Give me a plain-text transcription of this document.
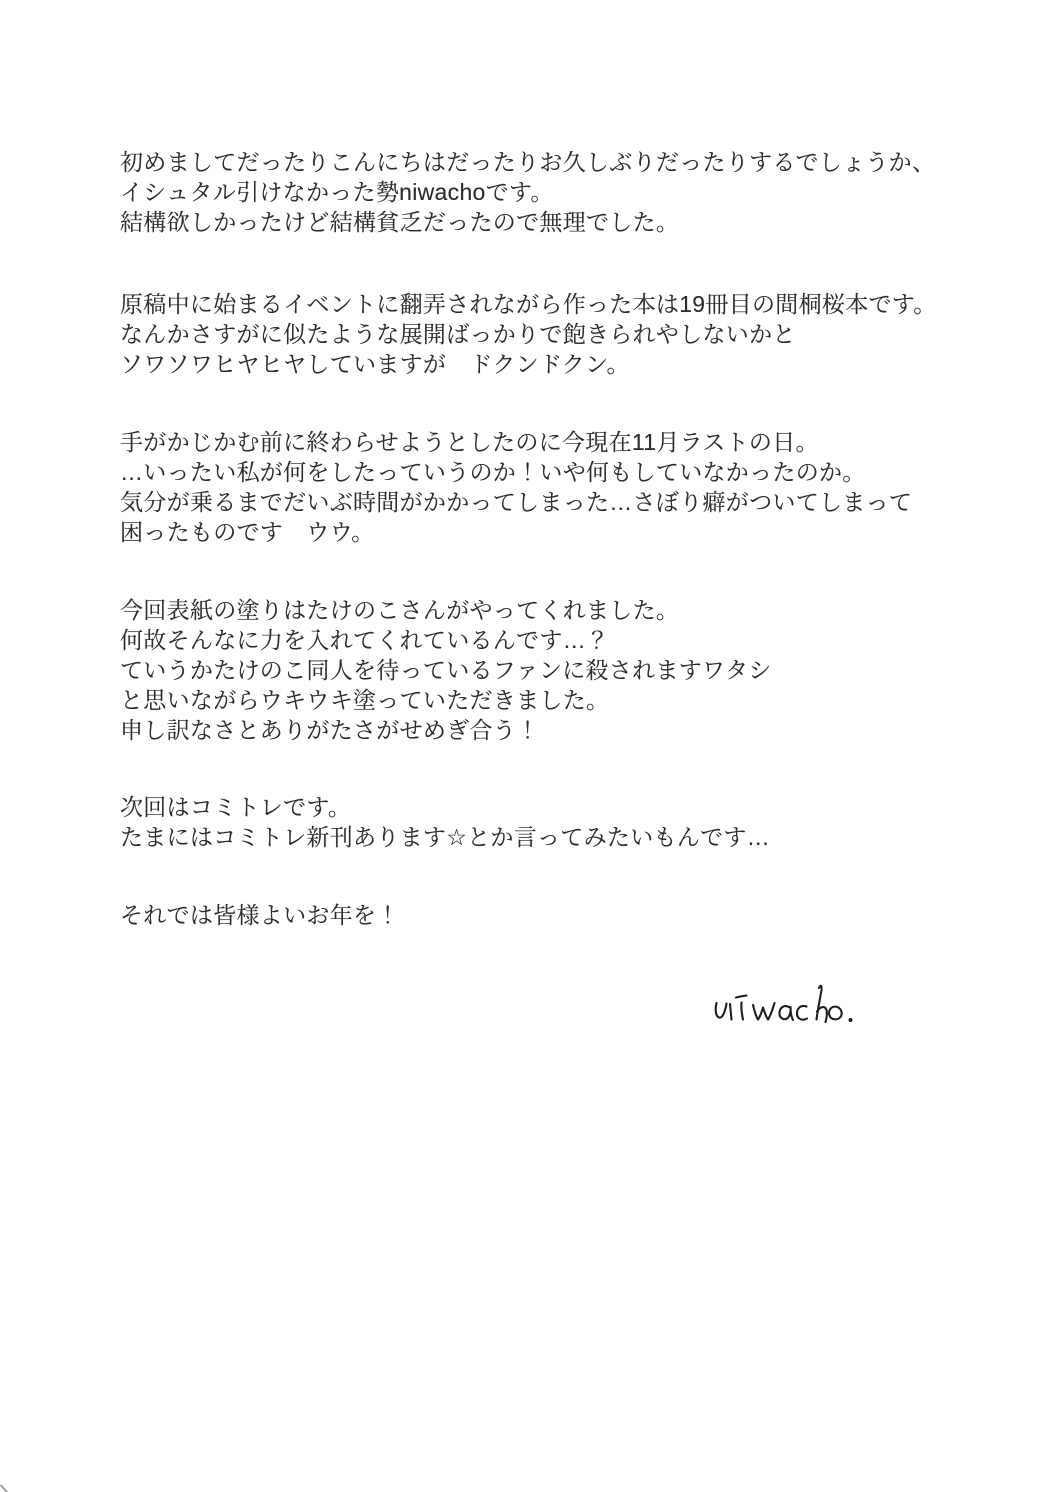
初めましてだったりこんにちはだったりお久しぶりだったりするでしょうか、
イシュタル引けなかった勢niwachoです。
結構欲しかったけど結構貧乏だったので無理でした。
原稿中に始まるイベントに翻弄されながら作った本は19冊目の間桐桜本です。
なんかさすがに似たような展開ばっかりで飽きられやしないかと
ソワソワヒヤヒヤしていますが　ドクンドクン。
手がかじかむ前に終わらせようとしたのに今現在11月ラストの日。
…いったい私が何をしたっていうのか！いや何もしていなかったのか。
気分が乗るまでだいぶ時間がかかってしまった…さぼり癖がついてしまって
困ったものです　ウウ。
今回表紙の塗りはたけのこさんがやってくれました。
何故そんなに力を入れてくれているんです…？
ていうかたけのこ同人を待っているファンに殺されますワタシ
と思いながらウキウキ塗っていただきました。
申し訳なさとありがたさがせめぎ合う！
次回はコミトレです。
たまにはコミトレ新刊あります☆とか言ってみたいもんです…
それでは皆様よいお年を！
